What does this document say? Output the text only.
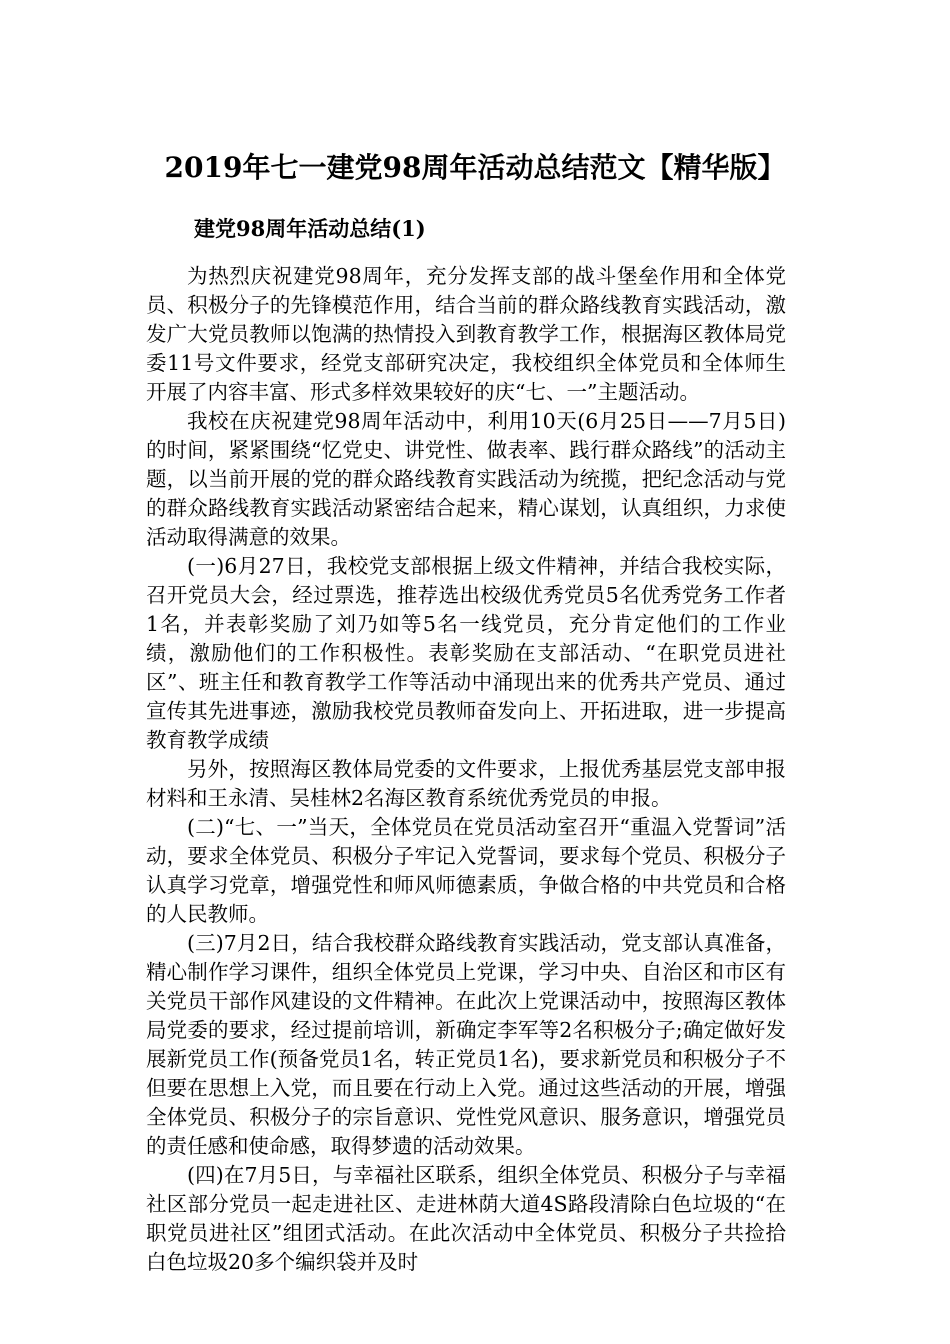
2019年七一建党98周年活动总结范文【精华版】
建党98周年活动总结(1)

为热烈庆祝建党98周年，充分发挥支部的战斗堡垒作用和全体党员、积极分子的先锋模范作用，结合当前的群众路线教育实践活动，激发广大党员教师以饱满的热情投入到教育教学工作，根据海区教体局党委11号文件要求，经党支部研究决定，我校组织全体党员和全体师生开展了内容丰富、形式多样效果较好的庆“七、一”主题活动。

我校在庆祝建党98周年活动中，利用10天(6月25日——7月5日)的时间，紧紧围绕“忆党史、讲党性、做表率、践行群众路线”的活动主题，以当前开展的党的群众路线教育实践活动为统揽，把纪念活动与党的群众路线教育实践活动紧密结合起来，精心谋划，认真组织，力求使活动取得满意的效果。

(一)6月27日，我校党支部根据上级文件精神，并结合我校实际，召开党员大会，经过票选，推荐选出校级优秀党员5名优秀党务工作者1名，并表彰奖励了刘乃如等5名一线党员，充分肯定他们的工作业绩，激励他们的工作积极性。表彰奖励在支部活动、“在职党员进社区”、班主任和教育教学工作等活动中涌现出来的优秀共产党员、通过宣传其先进事迹，激励我校党员教师奋发向上、开拓进取，进一步提高教育教学成绩

另外，按照海区教体局党委的文件要求，上报优秀基层党支部申报材料和王永清、吴桂林2名海区教育系统优秀党员的申报。

(二)“七、一”当天，全体党员在党员活动室召开“重温入党誓词”活动，要求全体党员、积极分子牢记入党誓词，要求每个党员、积极分子认真学习党章，增强党性和师风师德素质，争做合格的中共党员和合格的人民教师。

(三)7月2日，结合我校群众路线教育实践活动，党支部认真准备，精心制作学习课件，组织全体党员上党课，学习中央、自治区和市区有关党员干部作风建设的文件精神。在此次上党课活动中，按照海区教体局党委的要求，经过提前培训，新确定李军等2名积极分子;确定做好发展新党员工作(预备党员1名，转正党员1名)，要求新党员和积极分子不但要在思想上入党，而且要在行动上入党。通过这些活动的开展，增强全体党员、积极分子的宗旨意识、党性党风意识、服务意识，增强党员的责任感和使命感，取得梦遗的活动效果。

(四)在7月5日，与幸福社区联系，组织全体党员、积极分子与幸福社区部分党员一起走进社区、走进林荫大道4S路段清除白色垃圾的“在职党员进社区”组团式活动。在此次活动中全体党员、积极分子共捡拾白色垃圾20多个编织袋并及时
